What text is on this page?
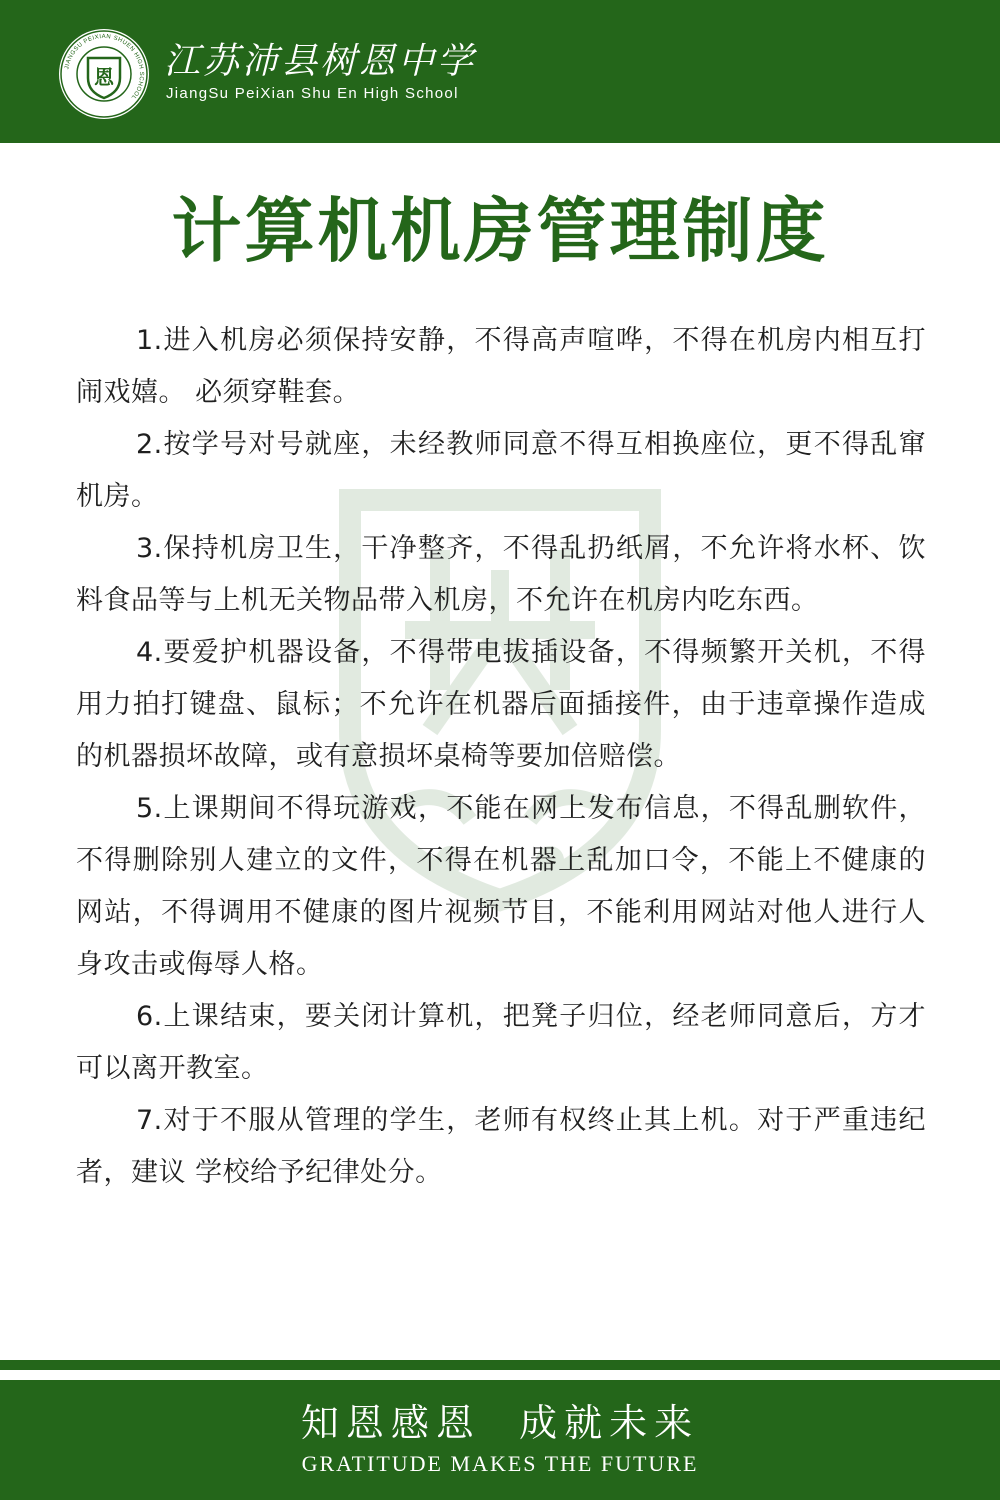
JIANGSU PEIXIAN SHUEN HIGH SCHOOL
恩 江苏沛县树恩中学
JiangSu PeiXian Shu En High School
计算机机房管理制度

1.进入机房必须保持安静，不得高声喧哗，不得在机房内相互打闹戏嬉。 必须穿鞋套。

2.按学号对号就座，未经教师同意不得互相换座位，更不得乱窜机房。

3.保持机房卫生，干净整齐，不得乱扔纸屑，不允许将水杯、饮料食品等与上机无关物品带入机房，不允许在机房内吃东西。

4.要爱护机器设备，不得带电拔插设备，不得频繁开关机，不得用力拍打键盘、鼠标；不允许在机器后面插接件，由于违章操作造成的机器损坏故障，或有意损坏桌椅等要加倍赔偿。

5.上课期间不得玩游戏，不能在网上发布信息，不得乱删软件，不得删除别人建立的文件，不得在机器上乱加口令，不能上不健康的网站，不得调用不健康的图片视频节目，不能利用网站对他人进行人身攻击或侮辱人格。

6.上课结束，要关闭计算机，把凳子归位，经老师同意后，方才可以离开教室。

7.对于不服从管理的学生，老师有权终止其上机。对于严重违纪者，建议 学校给予纪律处分。

知恩感恩  成就未来
GRATITUDE MAKES THE FUTURE
